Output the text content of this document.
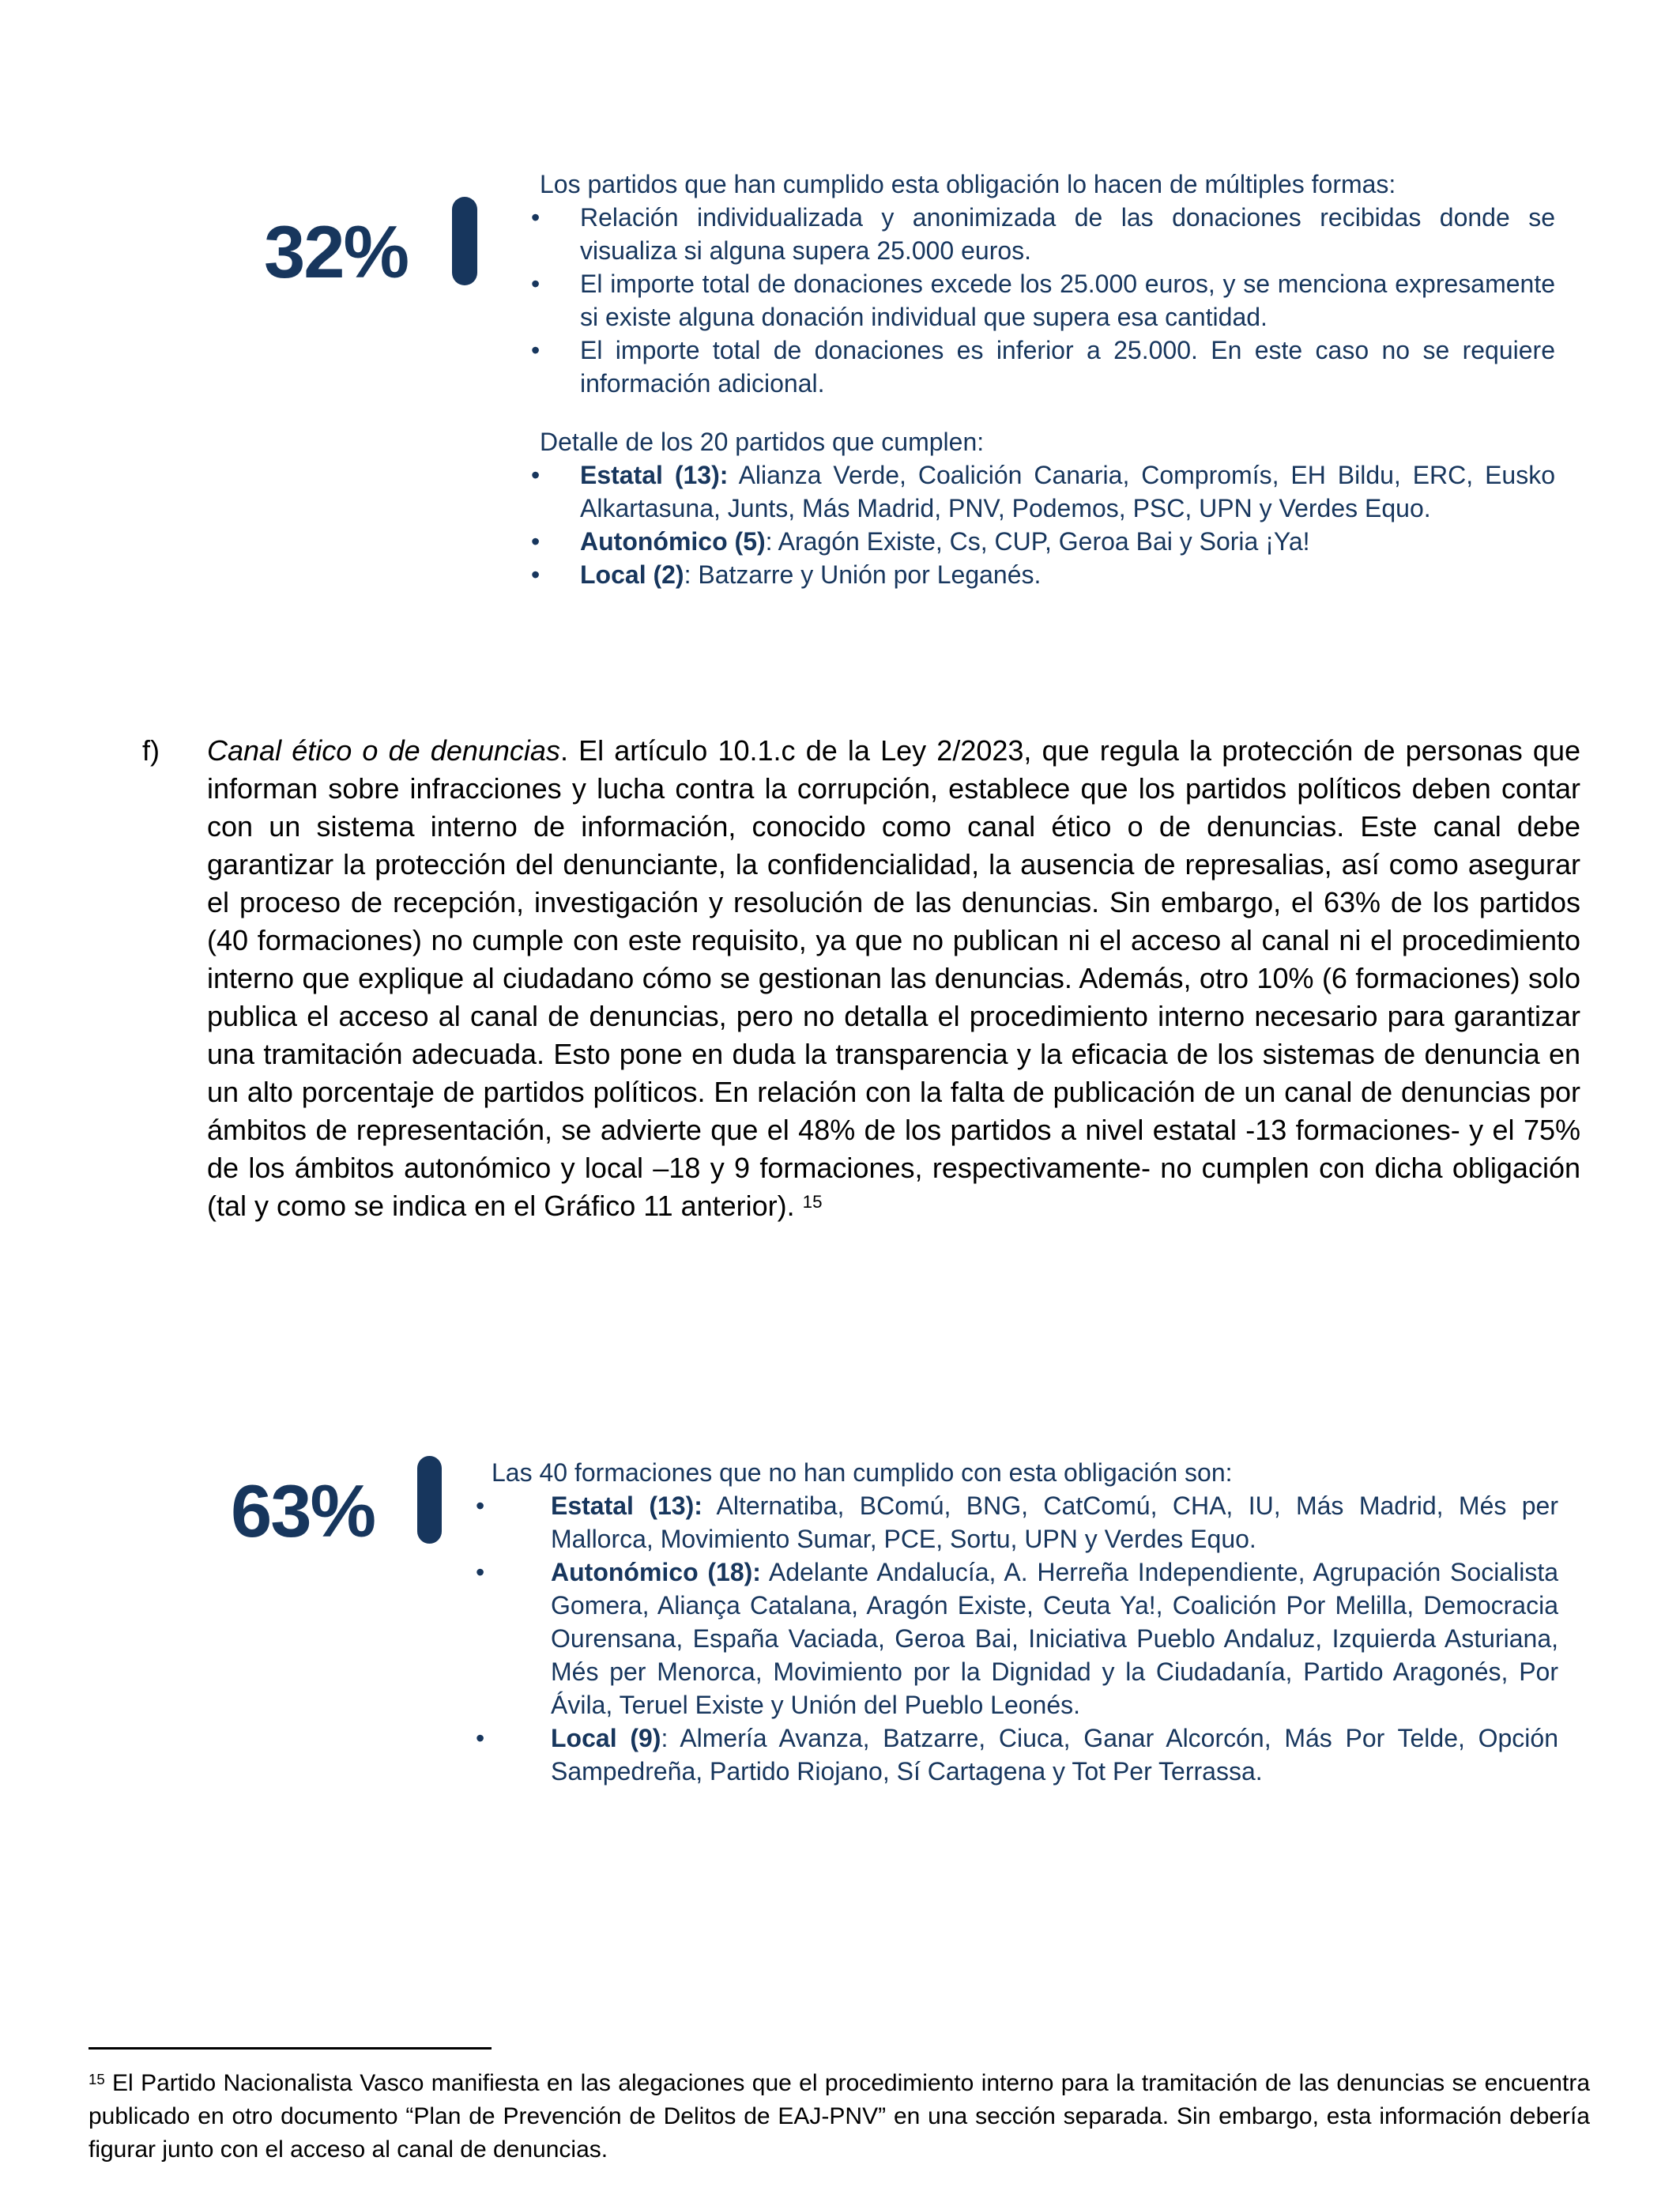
32%
Los partidos que han cumplido esta obligación lo hacen de múltiples formas:
•	Relación individualizada y anonimizada de las donaciones recibidas donde se visualiza si alguna supera 25.000 euros.
•	El importe total de donaciones excede los 25.000 euros, y se menciona expresamente si existe alguna donación individual que supera esa cantidad.
•	El importe total de donaciones es inferior a 25.000. En este caso no se requiere información adicional.
Detalle de los 20 partidos que cumplen:
•	Estatal (13): Alianza Verde, Coalición Canaria, Compromís, EH Bildu, ERC, Eusko Alkartasuna, Junts, Más Madrid, PNV, Podemos, PSC, UPN y Verdes Equo.
•	Autonómico (5): Aragón Existe, Cs, CUP, Geroa Bai y Soria ¡Ya!
•	Local (2): Batzarre y Unión por Leganés.
f)	Canal ético o de denuncias. El artículo 10.1.c de la Ley 2/2023, que regula la protección de personas que informan sobre infracciones y lucha contra la corrupción, establece que los partidos políticos deben contar con un sistema interno de información, conocido como canal ético o de denuncias. Este canal debe garantizar la protección del denunciante, la confidencialidad, la ausencia de represalias, así como asegurar el proceso de recepción, investigación y resolución de las denuncias. Sin embargo, el 63% de los partidos (40 formaciones) no cumple con este requisito, ya que no publican ni el acceso al canal ni el procedimiento interno que explique al ciudadano cómo se gestionan las denuncias. Además, otro 10% (6 formaciones) solo publica el acceso al canal de denuncias, pero no detalla el procedimiento interno necesario para garantizar una tramitación adecuada. Esto pone en duda la transparencia y la eficacia de los sistemas de denuncia en un alto porcentaje de partidos políticos. En relación con la falta de publicación de un canal de denuncias por ámbitos de representación, se advierte que el 48% de los partidos a nivel estatal -13 formaciones- y el 75% de los ámbitos autonómico y local –18 y 9 formaciones, respectivamente- no cumplen con dicha obligación (tal y como se indica en el Gráfico 11 anterior). $^{15}$
63%	Las 40 formaciones que no han cumplido con esta obligación son:
•	Estatal (13): Alternatiba, BComú, BNG, CatComú, CHA, IU, Más Madrid, Més per Mallorca, Movimiento Sumar, PCE, Sortu, UPN y Verdes Equo.
•	Autonómico (18): Adelante Andalucía, A. Herreña Independiente, Agrupación Socialista Gomera, Aliança Catalana, Aragón Existe, Ceuta Ya!, Coalición Por Melilla, Democracia Ourensana, España Vaciada, Geroa Bai, Iniciativa Pueblo Andaluz, Izquierda Asturiana, Més per Menorca, Movimiento por la Dignidad y la Ciudadanía, Partido Aragonés, Por Ávila, Teruel Existe y Unión del Pueblo Leonés.
•	Local (9): Almería Avanza, Batzarre, Ciuca, Ganar Alcorcón, Más Por Telde, Opción Sampedreña, Partido Riojano, Sí Cartagena y Tot Per Terrassa.
$^{15}$ El Partido Nacionalista Vasco manifiesta en las alegaciones que el procedimiento interno para la tramitación de las denuncias se encuentra publicado en otro documento “Plan de Prevención de Delitos de EAJ-PNV” en una sección separada. Sin embargo, esta información debería figurar junto con el acceso al canal de denuncias.
